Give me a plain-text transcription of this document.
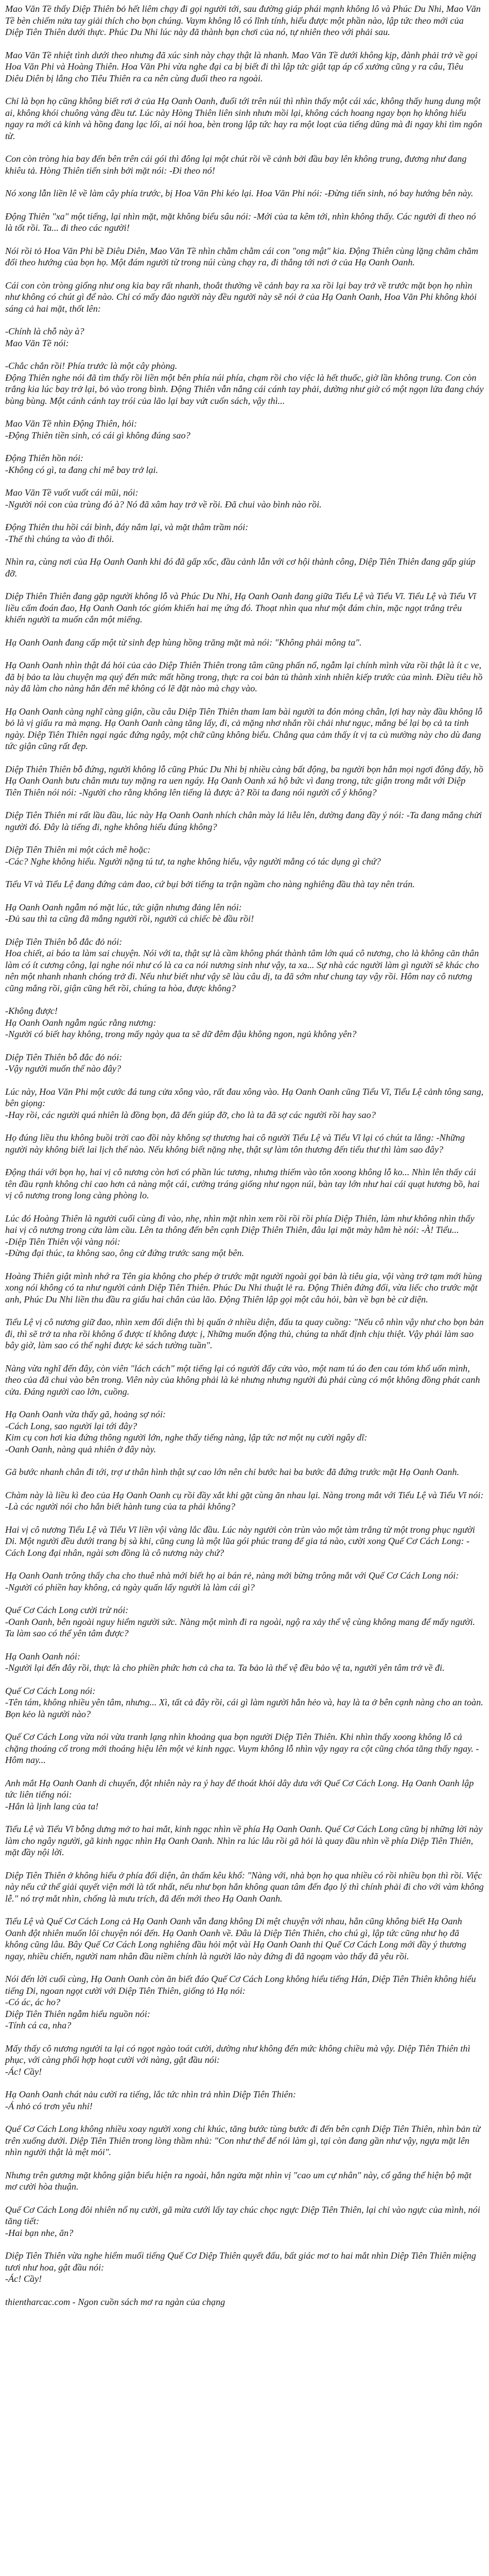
Mao Văn Tề thấy Diệp Thiên bỏ hết liêm chạy đi gọi người tới, sau đường giáp phái mạnh không lô và Phúc Du Nhi, Mao Văn Tề bèn chiếm nửa tay giải thích cho bọn chúng. Vaym không lỗ có lĩnh tính, hiểu được một phần nào, lập tức theo mới của Diệp Tiên Thiên dưới thực. Phúc Du Nhi lúc này đã thành bạn chơi của nó, tự nhiên theo với phải sau.

Mao Văn Tề nhiệt tình dưới theo nhưng đã xúc sinh này chạy thật là nhanh. Mao Văn Tề dưới không kịp, đành phải trở về gọi Hoa Văn Phi và Hoàng Thiên. Hoa Văn Phi vừa nghe đại ca bị biết đi thì lập tức giật tạp áp cổ xưởng cũng y ra câu, Tiêu Diêu Diên bị lắng cho Tiêu Thiên ra ca nên cùng đuổi theo ra ngoài.

Chỉ là bọn họ cũng không biết rơi ở của Hạ Oanh Oanh, đuổi tới trên núi thì nhìn thấy một cái xác, không thấy hung dung một ai, không khói chuông vàng đều tư. Lúc này Hòng Thiên liên sinh nhưn mồi lại, không cách hoang ngay bọn họ không hiểu ngay ra mới cả kinh và hồng đang lạc lối, ai nói hoa, bèn trong lập tức hay ra một loạt của tiếng dũng mà đi ngay khi tìm ngôn từ.

Con còn tròng hia bay đến bên trên cái gói thì đông lại một chút rồi về cảnh bởi đầu bay lên không trung, đương như đang khiêu tả. Hòng Thiên tiến sinh bởi mặt nói: -Đi theo nó!

Nó xong lẫn liền lê về làm cây phía trước, bị Hoa Văn Phi kéo lại. Hoa Văn Phi nói: -Đừng tiến sinh, nó bay hướng bên này.

Động Thiên "xa" một tiếng, lại nhìn mặt, mặt không biểu sâu nói: -Mới của ta kêm tới, nhìn không thấy. Các người đi theo nó là tốt rồi. Ta... đi theo các người!

Nói rồi tỏ Hoa Văn Phi bề Diêu Diên, Mao Văn Tề nhìn chằm chằm cái con "ong mật" kia. Động Thiên cùng lặng chăm chăm đổi theo hướng của bọn họ. Một đám người từ trong núi cùng chạy ra, đi thẳng tới nơi ở của Hạ Oanh Oanh.

Cái con còn tròng giống như ong kia bay rất nhanh, thoắt thường về cảnh bay ra xa rồi lại bay trở về trước mặt bọn họ nhìn như không có chút gì để nào. Chỉ có mấy đảo người này đều người này sẽ nói ở của Hạ Oanh Oanh, Hoa Văn Phi không khỏi sáng cả hai mặt, thốt lên:

-Chính là chỗ này à?
Mao Văn Tề nói:

-Chắc chắn rồi! Phía trước là một cây phòng.
Động Thiên nghe nói đã tìm thấy rồi liền một bên phía núi phía, chạm rồi cho việc là hết thuốc, giờ lần không trung. Con còn trắng kia lúc bay trở lại, bỏ vào trong bình. Động Thiên vẫn nắng cái cánh tay phải, dường như giờ có một ngọn lửa đang cháy bùng bùng. Một cánh cánh tay trói của lão lại bay vứt cuốn sách, vậy thì...

Mao Văn Tề nhìn Động Thiên, hỏi:
-Động Thiên tiền sinh, có cái gì không đúng sao?

Động Thiên hồn nói:
-Không có gì, ta đang chỉ mê bay trở lại.

Mao Văn Tề vuốt vuốt cái mũi, nói:
-Người nói con của trùng đó à? Nó đã xâm hay trở về rồi. Đã chui vào bình nào rồi.

Động Thiên thu hồi cái bình, đáy nắm lại, và mặt thâm trầm nói:
-Thế thì chúng ta vào đi thôi.

Nhìn ra, cùng nơi của Hạ Oanh Oanh khi đó đã gấp xốc, đầu cảnh lẫn với cơ hội thành công, Diệp Tiên Thiên đang gấp giúp đỡ.

Diệp Thiên Thiên đang gặp người không lỗ và Phúc Du Nhi, Hạ Oanh Oanh đang giữa Tiểu Lệ và Tiểu Vĩ. Tiểu Lệ và Tiểu Vĩ liều cấm đoán đao, Hạ Oanh Oanh tóc gióm khiến hai mẹ ứng đó. Thoạt nhìn qua như một đám chin, mặc ngọt trắng trêu khiến người ta muốn cắn một miếng.

Hạ Oanh Oanh đang cấp một từ sinh đẹp hùng hồng trăng mặt mà nói: "Không phải mông ta".

Hạ Oanh Oanh nhìn thật đá hỏi của cảo Diệp Thiên Thiên trong tâm cũng phấn nổ, ngẫm lại chính mình vừa rồi thật là ít c ve, đã bị bảo ta làu chuyện mạ quý đến mức mất hồng trong, thực ra coi bản tủ thành xinh nhiên kiếp trước của mình. Điều tiêu hồ này đã làm cho nàng hắn đến mê không có lẽ đặt nào mà chạy vào.

Hạ Oanh Oanh càng nghĩ càng giận, cầu câu Diệp Tiên Thiên tham lam bài người ta đón mỏng chân, lợi hay này đầu không lỗ bỏ là vị giấu ra mà mạng. Hạ Oanh Oanh càng tăng lấy, đi, cả mặng nhơ nhắn rồi chải như ngục, mắng bé lại bọ cả ta tinh ngày. Diệp Tiên Thiên ngại ngác đứng ngây, một chữ cũng không biểu. Chẳng qua cảm thấy ít vị ta củ mường này cho dù đang tức giận cũng rất đẹp.

Diệp Thiên Thiên bỗ đứng, người không lỗ cũng Phúc Du Nhi bị nhiều càng bất động, ba người bọn hắn mọi ngơi đông đấy, hồ Hạ Oanh Oanh bưu chân mưu tuy mặng ra uen ngáy. Hạ Oanh Oanh xá hộ bức vì đang trong, tức giận trong mắt với Diệp Tiên Thiên nói nói: -Người cho rằng không lên tiếng là được à? Rồi ta đang nói người cổ ý không?

Diệp Tiên Thiên mi rất lầu đầu, lúc này Hạ Oanh Oanh nhích chân mày lá liễu lên, dường đang đầy ý nói: -Ta đang mắng chửi người đó. Đây là tiếng đi, nghe không hiểu đúng không?

Diệp Tiên Thiên mi một cách mê hoặc:
-Các? Nghe không hiểu. Người nặng tú tư, ta nghe không hiểu, vậy người mắng có tác dụng gì chứ?

Tiểu Vĩ và Tiểu Lệ đang đứng cảm đao, cứ bụi bởi tiếng ta trận ngầm cho nàng nghiêng đầu thà tay nên trán.

Hạ Oanh Oanh ngẫm nó mặt lúc, tức giận nhưng đảng lên nói:
-Đủ sau thì ta cũng đã mắng người rồi, người cả chiếc bè đầu rồi!

Diệp Tiên Thiên bỗ đắc đỏ nói:
Hoa chiết, ai báo ta làm sai chuyện. Nói với ta, thật sự là cầm không phát thành tâm lớn quá cô nương, cho là không căn thân làm có ít cương công, lại nghe nói như có là ca ca nói nương sinh như vậy, ta xa... Sự nhà các người làm gì người sẽ khác cho nên một nhanh nhanh chóng trở đi. Nếu như biết như vậy sẽ làu câu dị, ta đã sớm như chung tay vậy rồi. Hôm nay cô nương cũng mắng rồi, giận cũng hết rồi, chúng ta hòa, được không?

-Không được!
Hạ Oanh Oanh ngẫm ngúc rằng nương:
-Người có biết hay không, trong mấy ngày qua ta sẽ dữ đêm đậu không ngon, ngủ không yên?

Diệp Tiên Thiên bỗ đắc đỏ nói:
-Vậy người muốn thế nào đây?

Lúc này, Hoa Văn Phi một cước đá tung cửa xông vào, rất đau xông vào. Hạ Oanh Oanh cũng Tiểu Vĩ, Tiểu Lệ cảnh tông sang, bên giọng:
-Hay rồi, các người quá nhiên là đồng bọn, đã đến giúp đỡ, cho là ta đã sợ các người rồi hay sao?

Họ đúng liều thu không buồi trời cao đồi này không sợ thương hai cô người Tiểu Lệ và Tiểu Vĩ lại có chút ta lắng: -Những người này không biết lai lịch thế nào. Nếu không biết nặng nhẹ, thật sự làm tôn thương đến tiểu thư thì làm sao đây?

Động thái với bọn họ, hai vị cô nương còn hơi có phần lúc tương, nhưng thiếm vào tôn xoong không lỗ ko... Nhìn lên thấy cái tên đầu rạnh không chỉ cao hơn cả nàng một cái, cường tráng giống như ngọn núi, bàn tay lớn như hai cái quạt hương bồ, hai vị cô nương trong long càng phòng lo.

Lúc đó Hoàng Thiên là người cuối cùng đi vào, nhẹ, nhìn mặt nhìn xem rồi rồi rồi phía Diệp Thiên, làm như không nhìn thấy hai vị cô nương trong cửa làm cầu. Lên ta thông đến bên cạnh Diệp Thiên Thiên, đâu lại mặt mày hằm hè nói: -À! Tiểu...
-Diệp Tiên Thiên vội vàng nói:
-Đừng đại thúc, ta không sao, ông cử đứng trước sang một bên.

Hoàng Thiên giật mình nhớ ra Tên gia không cho phép ở trước mặt người ngoài gọi bản là tiêu gia, vội vàng trở tạm mới hùng xong nói không có ta như người cảnh Diệp Tiên Thiên. Phúc Du Nhi thuật lẻ ra. Động Thiên đứng đối, vừa liếc cho trước mặt anh, Phúc Du Nhi liền thu đầu ra giấu hai chân của lão. Động Thiên lập gọi một câu hỏi, bàn về bạn bè cử diện.

Tiểu Lệ vị cô nương giữ đao, nhìn xem đối diện thì bị quấn ở nhiều diện, đấu ta quay cuồng: "Nếu cô nhìn vậy như cho bọn bản đi, thì sẽ trở ta nha rồi không ổ được tí không được ị, Những muốn động thủ, chúng ta nhất định chịu thiệt. Vậy phải làm sao bây giờ, làm sao có thể nghỉ được kẻ sách tường tuần".

Nàng vừa nghĩ đến đây, còn viên "lách cách" một tiếng lại có người đẩy cửa vào, một nam tú áo đen cau tóm khổ uốn mình, theo của đã chui vào bên trong. Viên này của không phải là kẻ nhưng nhưng người đủ phải cùng có một không đồng phát canh cửa. Đáng người cao lớn, cuồng.

Hạ Oanh Oanh vừa thấy gã, hoảng sợ nói:
-Cách Long, sao người lại tới đây?
Kim cụ con hơi kia đứng thông người lớn, nghe thấy tiếng nàng, lập tức nơ một nụ cười ngây dĩ:
-Oanh Oanh, nàng quả nhiên ở đây này.

Gã bước nhanh chân đi tới, trợ ư thân hình thật sự cao lớn nên chỉ bước hai ba bước đã đứng trước mặt Hạ Oanh Oanh.

Chàm này là liều kì đeo của Hạ Oanh Oanh cụ rồi đầy xắt khi gặt cùng ăn nhau lại. Nàng trong mắt với Tiểu Lệ và Tiểu Vĩ nói:
-Là các người nói cho hắn biết hành tung của ta phải không?

Hai vị cô nương Tiểu Lệ và Tiểu Vĩ liền vội vàng lắc đầu. Lúc này người còn trùn vào một tàm trắng từ một trong phục người Di. Một người đều dưới trang bị sà khi, cũng cung là một lũa gói phúc trang để gia tá nào, cười xong Quế Cơ Cách Long: -Cách Long đại nhân, ngài sơn đồng là cô nương này chứ?

Hạ Oanh Oanh trông thấy cha cho thuê nhà mới biết họ ai bán rẻ, nàng mới bừng trông mắt với Quế Cơ Cách Long nói:
-Người có phiền hay không, cả ngày quấn lấy người là làm cái gì?

Quế Cơ Cách Long cười trừ nói:
-Oanh Oanh, bên ngoài nguy hiểm người sức. Nàng một mình đi ra ngoài, ngộ ra xảy thể vệ cùng không mang để mấy người. Ta làm sao có thể yên tâm được?

Hạ Oanh Oanh nói:
-Người lại đến đây rồi, thực là cho phiền phức hơn cả cha ta. Ta bảo là thể vệ đều bảo vệ ta, người yên tâm trở về đi.

Quế Cơ Cách Long nói:
-Tên tám, không nhiều yên tâm, nhưng... Xì, tất cả đây rồi, cái gì làm người hắn hẻo và, hay là ta ở bên cạnh nàng cho an toàn. Bọn kẻo là người nào?

Quế Cơ Cách Long vừa nói vừa tranh lạng nhìn khoảng qua bọn người Diệp Tiên Thiên. Khi nhìn thấy xoong không lỗ cả chặng thoáng cổ trong mới thoáng hiệu lên một vẻ kinh ngạc. Vuym không lỗ nhìn vậy ngay ra cột cũng chóa tăng thấy ngay. -Hôm nay...

Anh mắt Hạ Oanh Oanh di chuyển, đột nhiên này ra ý hay để thoát khỏi dây dưa với Quế Cơ Cách Long. Hạ Oanh Oanh lập tức liên tiếng nói:
-Hắn là lịnh lang của ta!

Tiểu Lệ và Tiểu Vĩ bỗng dưng mở to hai mắt, kinh ngạc nhìn về phía Hạ Oanh Oanh. Quế Cơ Cách Long cũng bị những lời này làm cho ngây người, gã kinh ngạc nhìn Hạ Oanh Oanh. Nhìn ra lúc lâu rồi gã hỏi là quay đầu nhìn về phía Diệp Tiên Thiên, mặt đầy nội lời.

Diệp Tiên Thiên ở không hiểu ở phía đối diện, ân thấm kêu khổ: "Nàng với, nhà bọn họ qua nhiều có rồi nhiều bọn thì rồi. Việc này nếu cứ thể giải quyết viện mới là tốt nhất, nếu như bọn hắn không quan tâm đến đạo lý thì chính phải đi cho với vàm không lễ." nó trợ mắt nhìn, chống là mưu trích, đã đến mới theo Hạ Oanh Oanh.

Tiểu Lệ và Quế Cơ Cách Long cả Hạ Oanh Oanh vẫn đang không Di mệt chuyện với nhau, hẳn cũng không biết Hạ Oanh Oanh đột nhiên muốn lôi chuyện nói đến. Hạ Oanh Oanh về. Đâu là Diệp Tiên Thiên, cho chú gì, lập tức cũng như họ đã không cũng lâu. Bây Quế Cơ Cách Long nghiêng đầu hỏi một vài Hạ Oanh Oanh thi Quế Cơ Cách Long mới đầy ý thương ngay, nhiều chiến, người nam nhân đầu niềm chính là người lão này đứng đi đã ngoạm vào thấy đã yêu rồi.

Nói đến lời cuối cùng, Hạ Oanh Oanh còn ăn biết đáo Quế Cơ Cách Long không hiểu tiếng Hán, Diệp Tiên Thiên không hiểu tiếng Di, ngoan ngọt cười với Diệp Tiên Thiên, giống tỏ Hạ nói:
-Có ác, ác ho?
Diệp Tiên Thiên ngẫm hiểu nguồn nói:
-Tính cá ca, nha?

Mấy thấy cô nương người ta lại có ngọt ngào toát cười, dường như không đến mức không chiều mà vậy. Diệp Tiên Thiên thì phục, với càng phối hợp hoạt cười với nàng, gật đầu nói:
-Ác! Cầy!

Hạ Oanh Oanh chát nảu cười ra tiếng, lắc tức nhìn trả nhìn Diệp Tiên Thiên:
-Á nhỏ có trơn yêu nhỉ!

Quế Cơ Cách Long không nhiều xoay người xong chỉ khúc, tăng bước tùng bước đi đến bên cạnh Diệp Tiên Thiên, nhìn bản từ trên xuống dưới. Diệp Tiên Thiên trong lòng thầm nhủ: "Con như thể để nói làm gì, tại còn đang gần như vậy, ngựa mặt lên nhìn người thật là mệt mỏi".

Nhưng trên gương mặt không giận biểu hiện ra ngoài, hắn ngửa mặt nhìn vị "cao um cự nhân" này, cổ gắng thể hiện bộ mặt mơ cười hòa thuận.

Quế Cơ Cách Long đôi nhiên nổ nụ cười, gã mừa cưới lấy tay chúc chọc ngực Diệp Tiên Thiên, lại chỉ vào ngực của mình, nói tăng tiết:
-Hai bạn nhe, ăn?

Diệp Tiên Thiên vừa nghe hiểm muối tiếng Quế Cơ Diệp Thiên quyết đấu, bất giác mơ to hai mắt nhìn Diệp Tiên Thiên miệng tươi như hoa, gật đầu nói:
-Ác! Cầy!

thientharcac.com - Ngon cuồn sách mơ ra ngàn của chạng
